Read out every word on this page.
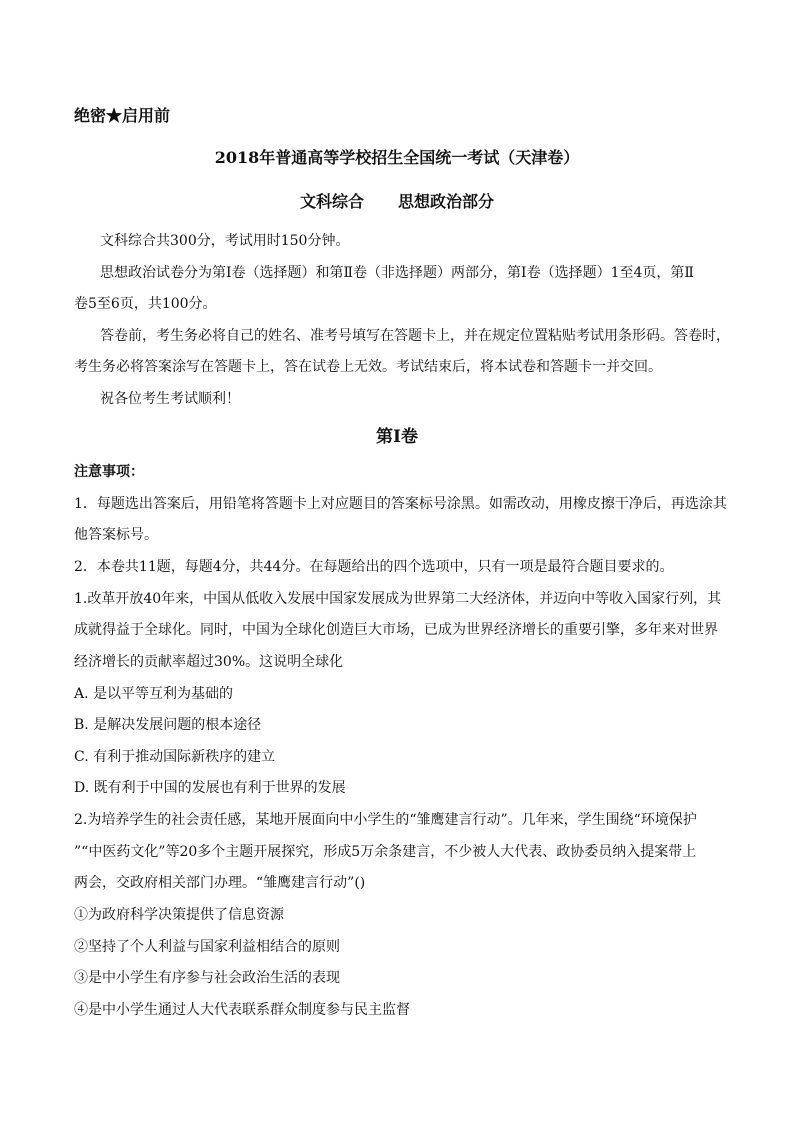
绝密★启用前
2018年普通高等学校招生全国统一考试（天津卷）
文科综合 思想政治部分
文科综合共300分，考试用时150分钟。
思想政治试卷分为第Ⅰ卷（选择题）和第Ⅱ卷（非选择题）两部分，第Ⅰ卷（选择题）1至4页，第Ⅱ
卷5至6页，共100分。
答卷前，考生务必将自己的姓名、准考号填写在答题卡上，并在规定位置粘贴考试用条形码。答卷时，
考生务必将答案涂写在答题卡上，答在试卷上无效。考试结束后，将本试卷和答题卡一并交回。
祝各位考生考试顺利！
第Ⅰ卷
注意事项：
1．每题选出答案后，用铅笔将答题卡上对应题目的答案标号涂黑。如需改动，用橡皮擦干净后，再选涂其
他答案标号。
2．本卷共11题，每题4分，共44分。在每题给出的四个选项中，只有一项是最符合题目要求的。
1.改革开放40年来，中国从低收入发展中国家发展成为世界第二大经济体，并迈向中等收入国家行列，其
成就得益于全球化。同时，中国为全球化创造巨大市场，已成为世界经济增长的重要引擎，多年来对世界
经济增长的贡献率超过30%。这说明全球化
A. 是以平等互利为基础的
B. 是解决发展问题的根本途径
C. 有利于推动国际新秩序的建立
D. 既有利于中国的发展也有利于世界的发展
2.为培养学生的社会责任感，某地开展面向中小学生的“雏鹰建言行动”。几年来，学生围绕“环境保护
”“中医药文化”等20多个主题开展探究，形成5万余条建言，不少被人大代表、政协委员纳入提案带上
两会，交政府相关部门办理。“雏鹰建言行动”()
①为政府科学决策提供了信息资源
②坚持了个人利益与国家利益相结合的原则
③是中小学生有序参与社会政治生活的表现
④是中小学生通过人大代表联系群众制度参与民主监督
